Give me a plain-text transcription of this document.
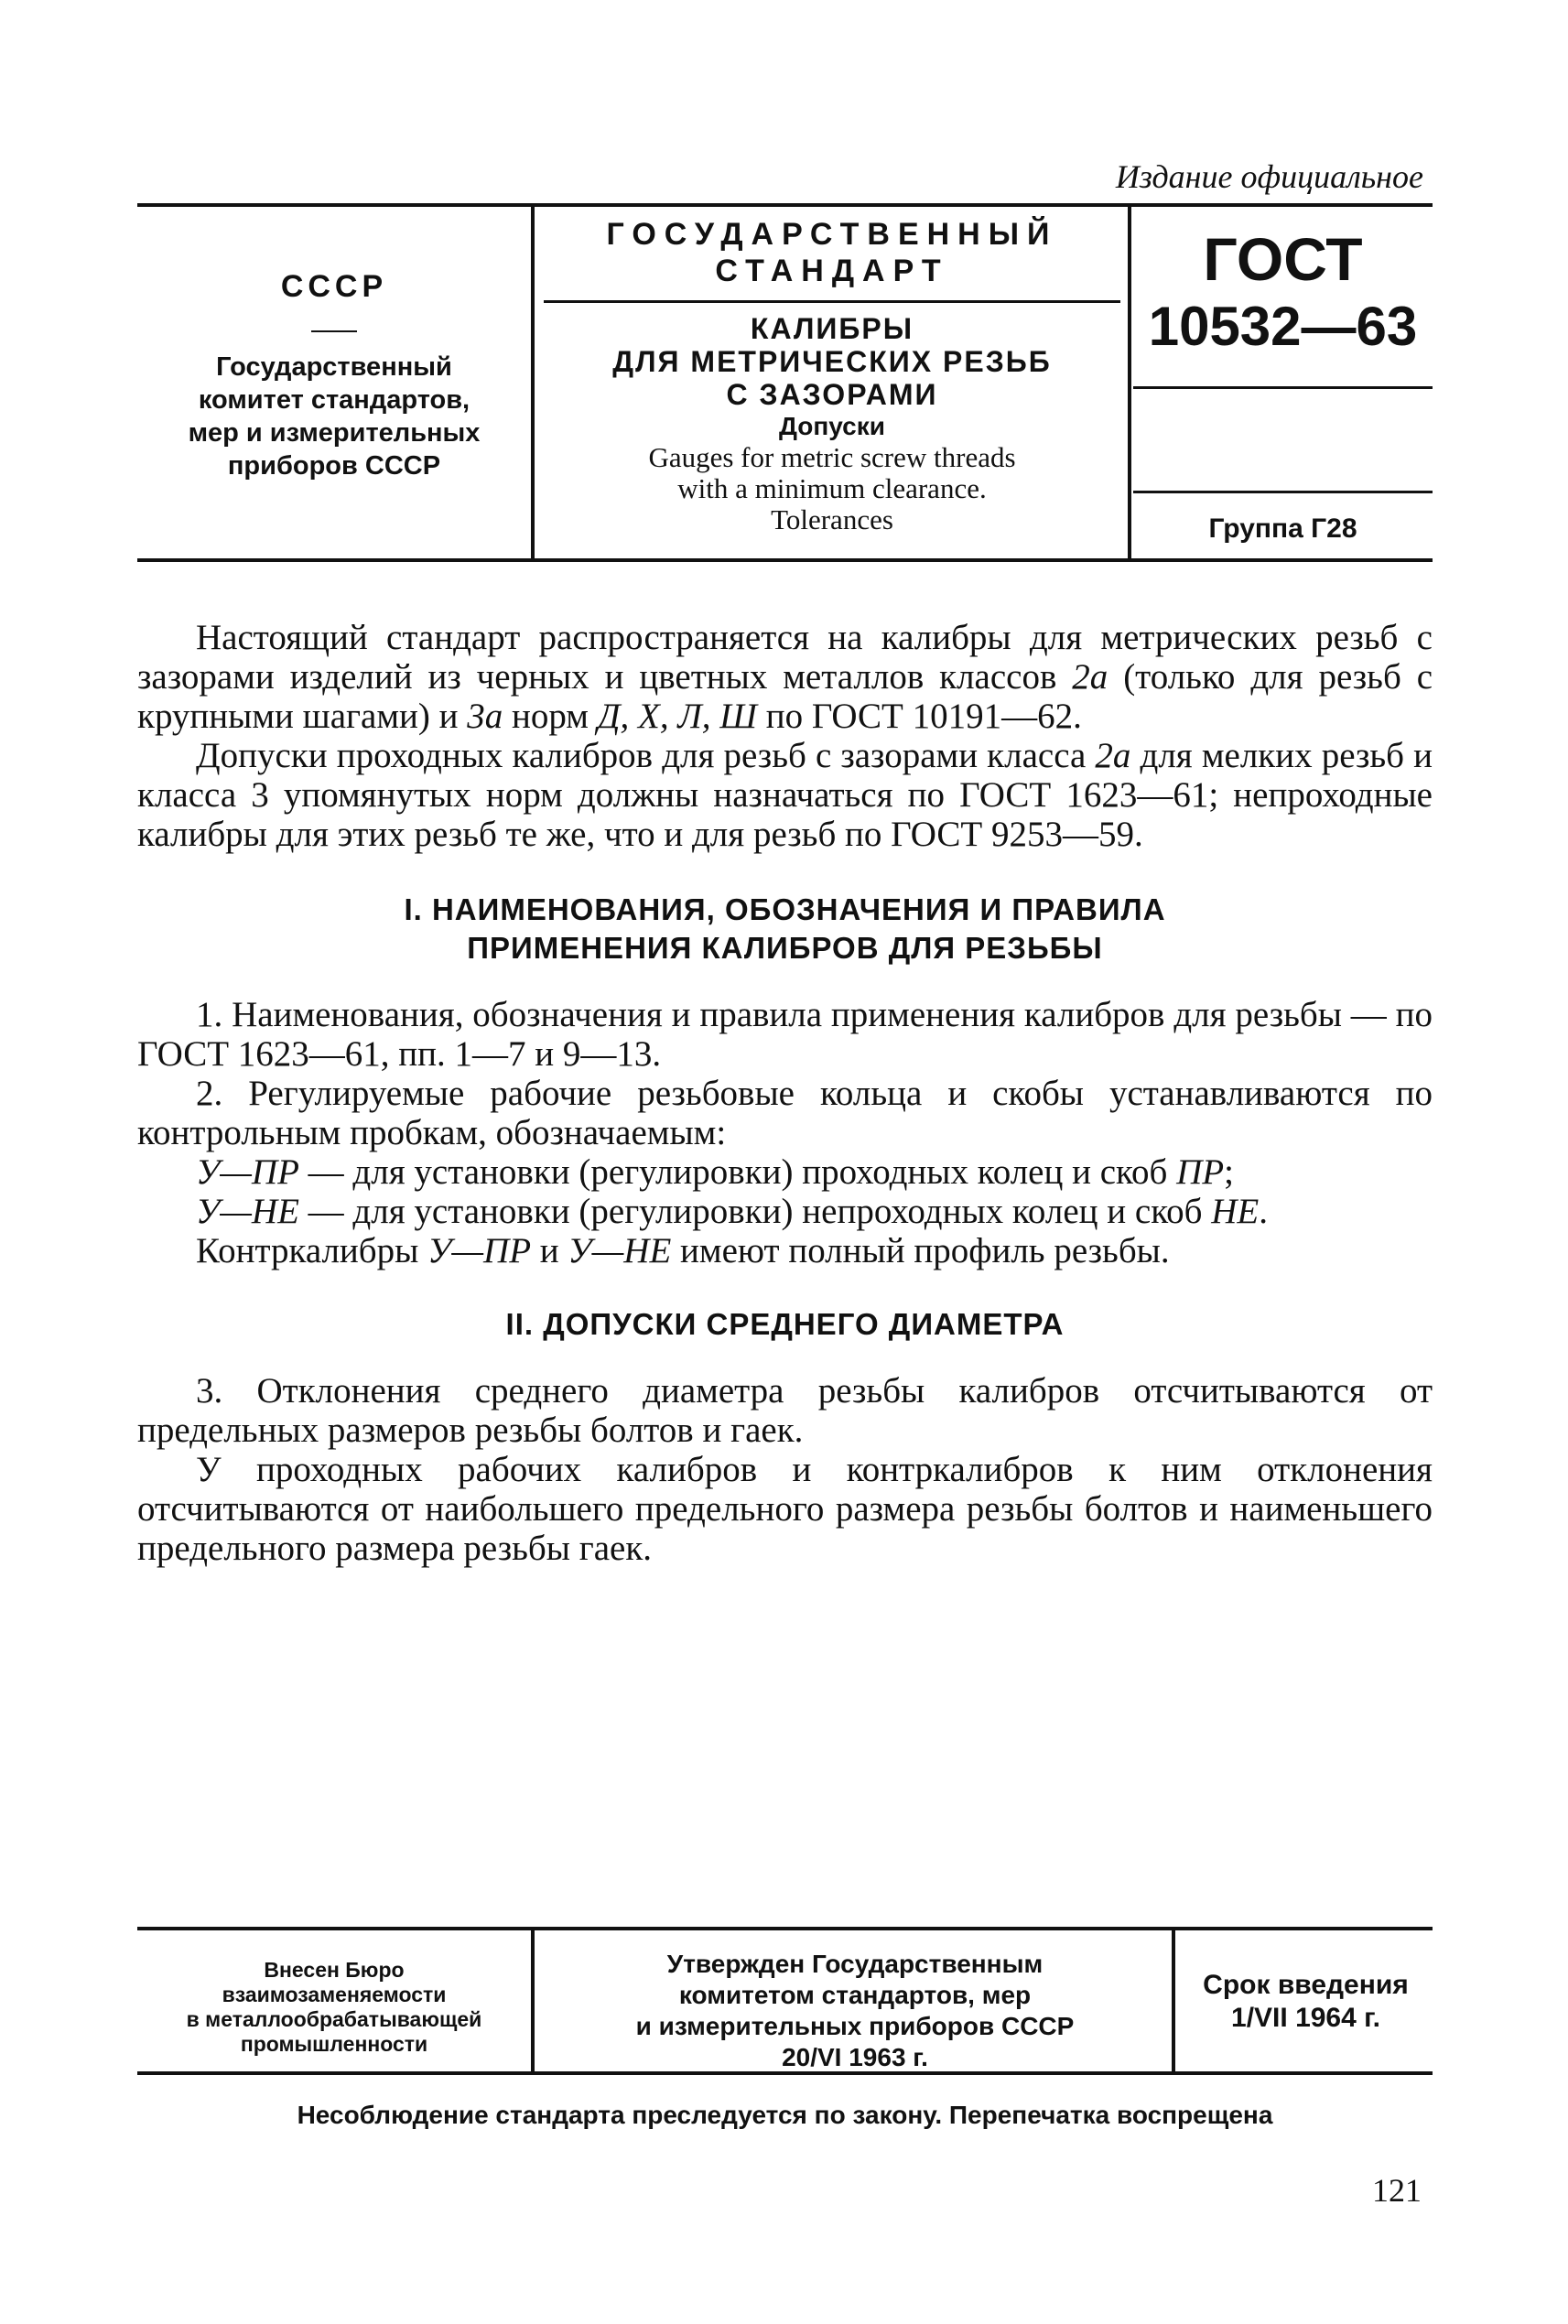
Издание официальное
СССР
Государственный
комитет стандартов,
мер и измерительных
приборов СССР
ГОСУДАРСТВЕННЫЙ
СТАНДАРТ
КАЛИБРЫ
ДЛЯ МЕТРИЧЕСКИХ РЕЗЬБ
С ЗАЗОРАМИ
Допуски
Gauges for metric screw threads
with a minimum clearance.
Tolerances
ГОСТ
10532—63
Группа Г28

Настоящий стандарт распространяется на калибры для метрических резьб с зазорами изделий из черных и цветных металлов классов 2а (только для резьб с крупными шагами) и 3а норм Д, Х, Л, Ш по ГОСТ 10191—62.

Допуски проходных калибров для резьб с зазорами класса 2а для мелких резьб и класса 3 упомянутых норм должны назначаться по ГОСТ 1623—61; непроходные калибры для этих резьб те же, что и для резьб по ГОСТ 9253—59.

I. НАИМЕНОВАНИЯ, ОБОЗНАЧЕНИЯ И ПРАВИЛА
ПРИМЕНЕНИЯ КАЛИБРОВ ДЛЯ РЕЗЬБЫ

1. Наименования, обозначения и правила применения калибров для резьбы — по ГОСТ 1623—61, пп. 1—7 и 9—13.

2. Регулируемые рабочие резьбовые кольца и скобы устанавливаются по контрольным пробкам, обозначаемым:

У—ПР — для установки (регулировки) проходных колец и скоб ПР;

У—НЕ — для установки (регулировки) непроходных колец и скоб НЕ.

Контркалибры У—ПР и У—НЕ имеют полный профиль резьбы.

II. ДОПУСКИ СРЕДНЕГО ДИАМЕТРА

3. Отклонения среднего диаметра резьбы калибров отсчитываются от предельных размеров резьбы болтов и гаек.

У проходных рабочих калибров и контркалибров к ним отклонения отсчитываются от наибольшего предельного размера резьбы болтов и наименьшего предельного размера резьбы гаек.

Внесен Бюро
взаимозаменяемости
в металлообрабатывающей
промышленности
Утвержден Государственным
комитетом стандартов, мер
и измерительных приборов СССР
20/VI 1963 г.
Срок введения
1/VII 1964 г.
Несоблюдение стандарта преследуется по закону. Перепечатка воспрещена
121
